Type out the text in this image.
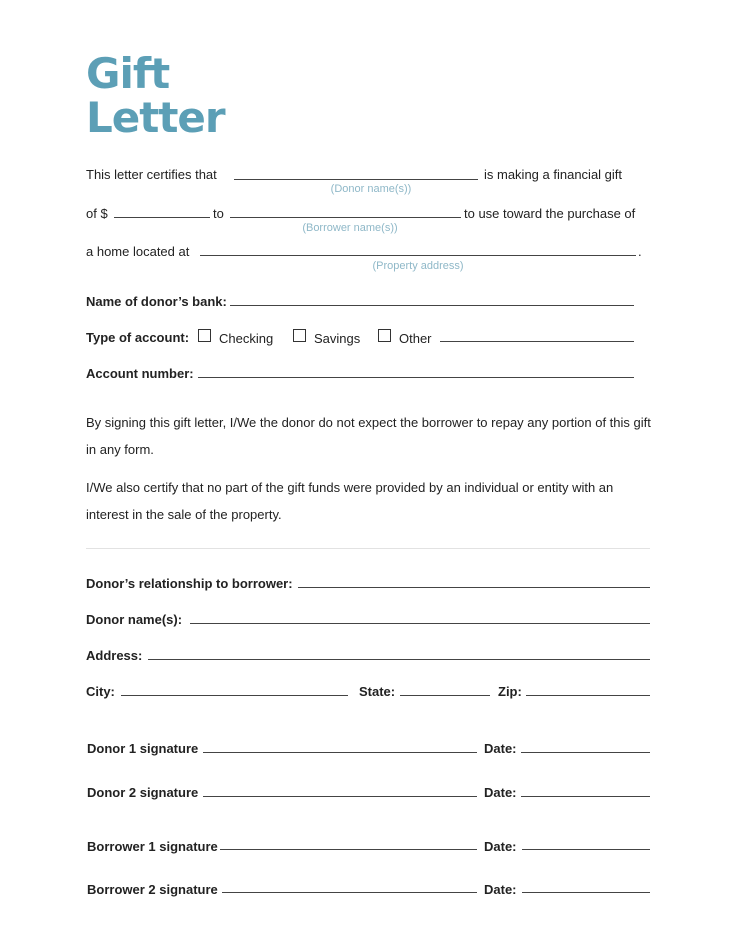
Gift
Letter
This letter certifies that	is making a financial gift
(Donor name(s))
of $	to	to use toward the purchase of
(Borrower name(s))
a home located at	.
(Property address)
Name of donor’s bank:
Type of account: Checking	Savings	Other
Account number:
By signing this gift letter, I/We the donor do not expect the borrower to repay any portion of this gift in any form.
I/We also certify that no part of the gift funds were provided by an individual or entity with an interest in the sale of the property.
Donor’s relationship to borrower:
Donor name(s):
Address:
City:	State:	Zip:
Donor 1 signature	Date:
Donor 2 signature	Date:
Borrower 1 signature	Date:
Borrower 2 signature	Date:
